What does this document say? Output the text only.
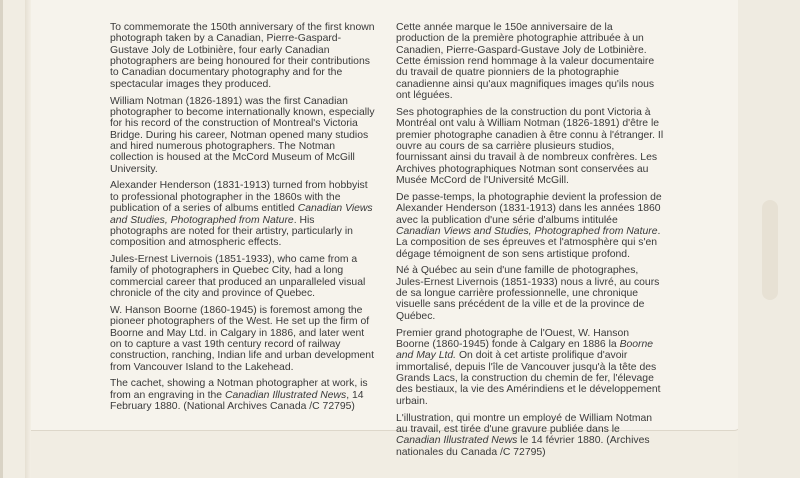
To commemorate the 150th anniversary of the first known photograph taken by a Canadian, Pierre-Gaspard-Gustave Joly de Lotbinière, four early Canadian photographers are being honoured for their contributions to Canadian documentary photography and for the spectacular images they produced.

William Notman (1826-1891) was the first Canadian photographer to become internationally known, especially for his record of the construction of Montreal's Victoria Bridge. During his career, Notman opened many studios and hired numerous photographers. The Notman collection is housed at the McCord Museum of McGill University.

Alexander Henderson (1831-1913) turned from hobbyist to professional photographer in the 1860s with the publication of a series of albums entitled Canadian Views and Studies, Photographed from Nature. His photographs are noted for their artistry, particularly in composition and atmospheric effects.

Jules-Ernest Livernois (1851-1933), who came from a family of photographers in Quebec City, had a long commercial career that produced an unparalleled visual chronicle of the city and province of Quebec.

W. Hanson Boorne (1860-1945) is foremost among the pioneer photographers of the West. He set up the firm of Boorne and May Ltd. in Calgary in 1886, and later went on to capture a vast 19th century record of railway construction, ranching, Indian life and urban development from Vancouver Island to the Lakehead.

The cachet, showing a Notman photographer at work, is from an engraving in the Canadian Illustrated News, 14 February 1880. (National Archives Canada /C 72795)

Cette année marque le 150e anniversaire de la production de la première photographie attribuée à un Canadien, Pierre-Gaspard-Gustave Joly de Lotbinière. Cette émission rend hommage à la valeur documentaire du travail de quatre pionniers de la photographie canadienne ainsi qu'aux magnifiques images qu'ils nous ont léguées.

Ses photographies de la construction du pont Victoria à Montréal ont valu à William Notman (1826-1891) d'être le premier photographe canadien à être connu à l'étranger. Il ouvre au cours de sa carrière plusieurs studios, fournissant ainsi du travail à de nombreux confrères. Les Archives photographiques Notman sont conservées au Musée McCord de l'Université McGill.

De passe-temps, la photographie devient la profession de Alexander Henderson (1831-1913) dans les années 1860 avec la publication d'une série d'albums intitulée Canadian Views and Studies, Photographed from Nature. La composition de ses épreuves et l'atmosphère qui s'en dégage témoignent de son sens artistique profond.

Né à Québec au sein d'une famille de photographes, Jules-Ernest Livernois (1851-1933) nous a livré, au cours de sa longue carrière professionnelle, une chronique visuelle sans précédent de la ville et de la province de Québec.

Premier grand photographe de l'Ouest, W. Hanson Boorne (1860-1945) fonde à Calgary en 1886 la Boorne and May Ltd. On doit à cet artiste prolifique d'avoir immortalisé, depuis l'île de Vancouver jusqu'à la tête des Grands Lacs, la construction du chemin de fer, l'élevage des bestiaux, la vie des Amérindiens et le développement urbain.

L'illustration, qui montre un employé de William Notman au travail, est tirée d'une gravure publiée dans le Canadian Illustrated News le 14 février 1880. (Archives nationales du Canada /C 72795)
